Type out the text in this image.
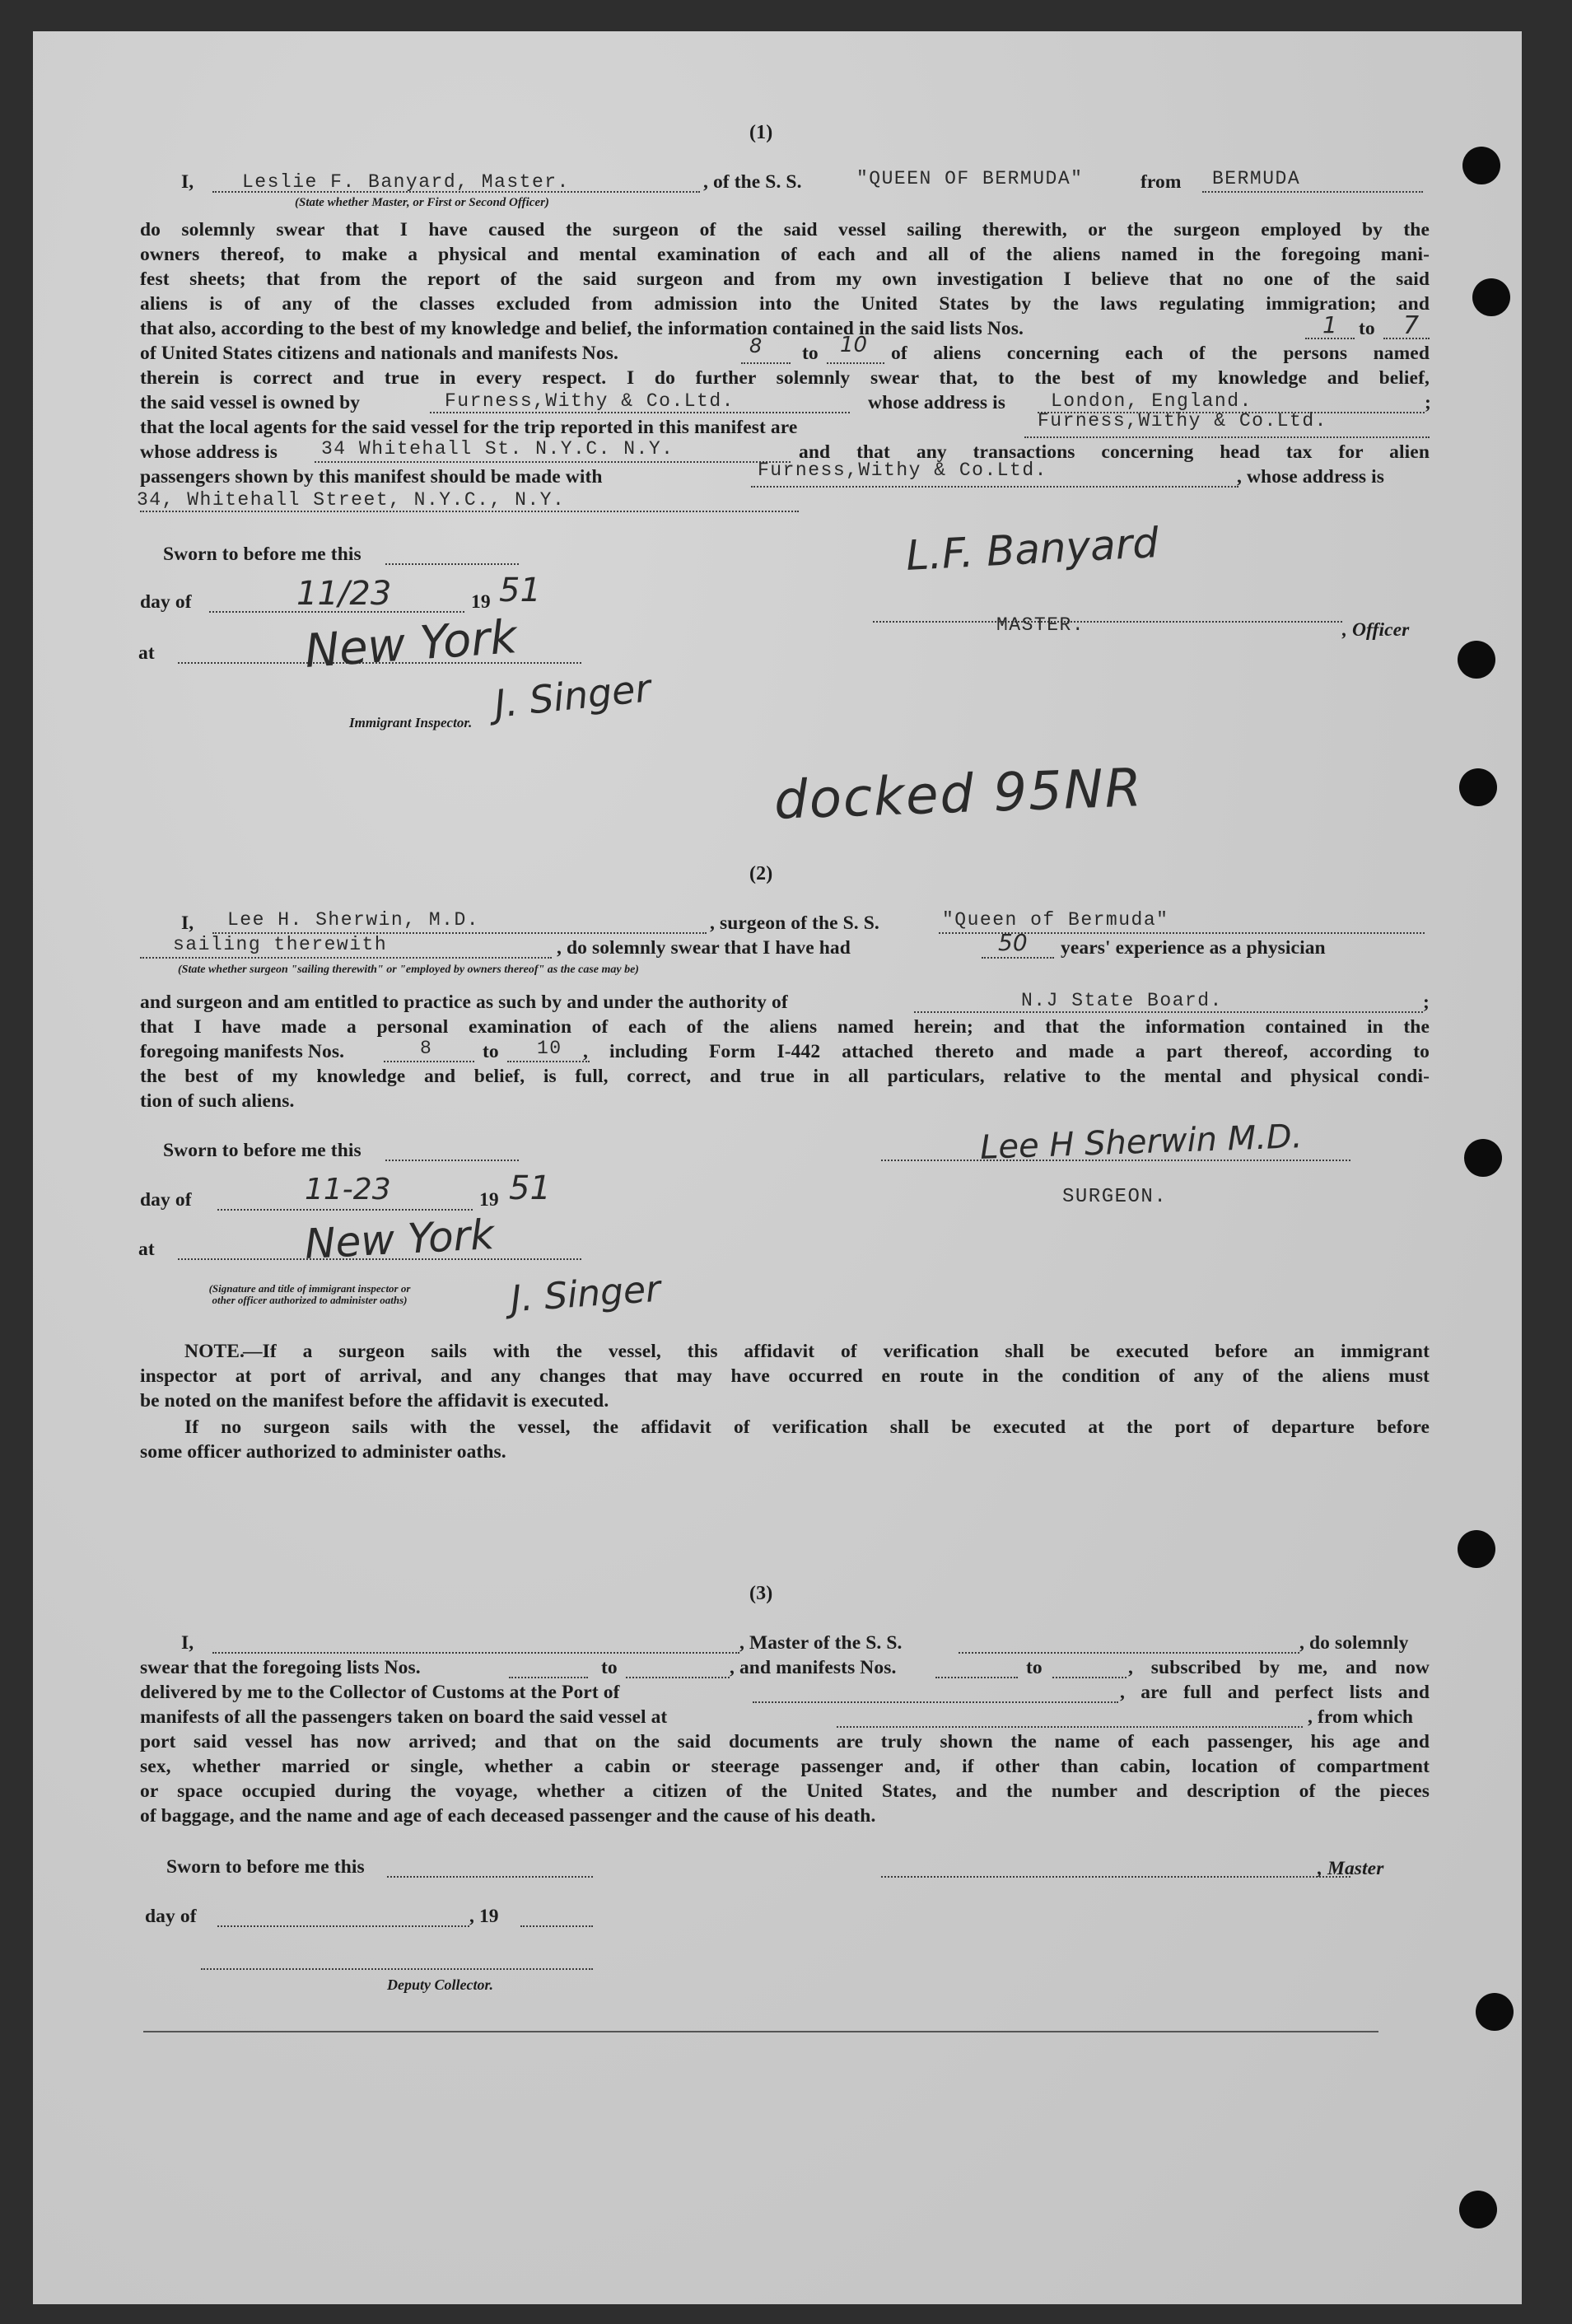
(1)
I,	Leslie F. Banyard, Master.	, of the S. S.	"QUEEN OF BERMUDA"	from BERMUDA
(State whether Master, or First or Second Officer)
do solemnly swear that I have caused the surgeon of the said vessel sailing therewith, or the surgeon employed by the
owners thereof, to make a physical and mental examination of each and all of the aliens named in the foregoing mani-
fest sheets; that from the report of the said surgeon and from my own investigation I believe that no one of the said
aliens is of any of the classes excluded from admission into the United States by the laws regulating immigration; and
that also, according to the best of my knowledge and belief, the information contained in the said lists Nos.	1 to 7
of United States citizens and nationals and manifests Nos.	8 to 10 of aliens concerning each of the persons named
therein is correct and true in every respect. I do further solemnly swear that, to the best of my knowledge and belief,
the said vessel is owned by	Furness,Withy & Co.Ltd.	whose address is London, England.	;
that the local agents for the said vessel for the trip reported in this manifest are	Furness,Withy & Co.Ltd.
whose address is 34 Whitehall St. N.Y.C. N.Y.	and that any transactions concerning head tax for alien
passengers shown by this manifest should be made with	Furness,Withy & Co.Ltd.	, whose address is
34, Whitehall Street, N.Y.C., N.Y.
Sworn to before me this
day of	11/23	19 51
at	New York
J. Singer
Immigrant Inspector.
L.F. Banyard
MASTER.	, Officer
docked 95NR
(2)
I, Lee H. Sherwin, M.D.	, surgeon of the S. S.	"Queen of Bermuda"
sailing therewith	, do solemnly swear that I have had	50 years' experience as a physician
(State whether surgeon "sailing therewith" or "employed by owners thereof" as the case may be)
and surgeon and am entitled to practice as such by and under the authority of	N.J State Board.	;
that I have made a personal examination of each of the aliens named herein; and that the information contained in the
foregoing manifests Nos.	8	to 10 , including Form I-442 attached thereto and made a part thereof, according to
the best of my knowledge and belief, is full, correct, and true in all particulars, relative to the mental and physical condi-
tion of such aliens.
Sworn to before me this	Lee H Sherwin M.D.
SURGEON.
day of	11-23	19 51
at	New York
J. Singer
(Signature and title of immigrant inspector or other officer authorized to administer oaths)
NOTE.
—If a surgeon sails with the vessel, this affidavit of verification shall be executed before an immigrant
inspector at port of arrival, and any changes that may have occurred en route in the condition of any of the aliens must
be noted on the manifest before the affidavit is executed.
If no surgeon sails with the vessel, the affidavit of verification shall be executed at the port of departure before
some officer authorized to administer oaths.
(3)
I,	, Master of the S. S.	, do solemnly
swear that the foregoing lists Nos.	to	, and manifests Nos.	to	, subscribed by me, and now
delivered by me to the Collector of Customs at the Port of	, are full and perfect lists and
manifests of all the passengers taken on board the said vessel at	, from which
port said vessel has now arrived; and that on the said documents are truly shown the name of each passenger, his age and
sex, whether married or single, whether a cabin or steerage passenger and, if other than cabin, location of compartment
or space occupied during the voyage, whether a citizen of the United States, and the number and description of the pieces
of baggage, and the name and age of each deceased passenger and the cause of his death.
Sworn to before me this	, Master
day of	, 19
Deputy Collector.
